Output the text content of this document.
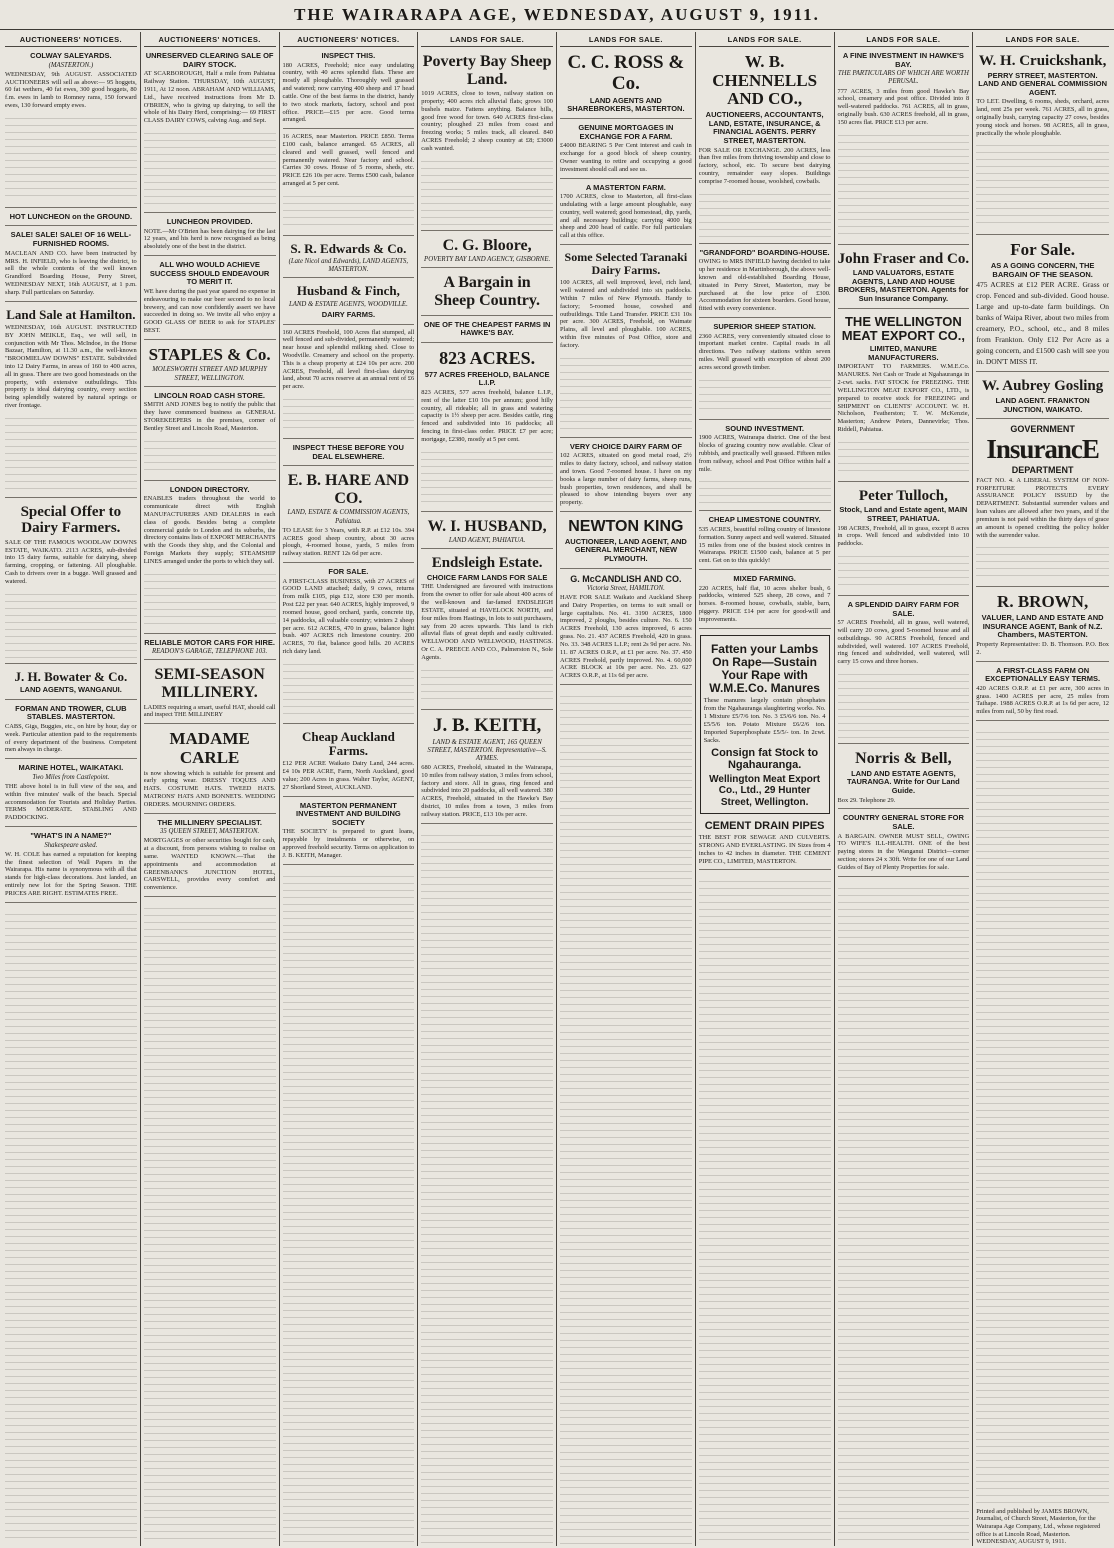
THE WAIRARAPA AGE, WEDNESDAY, AUGUST 9, 1911.
AUCTIONEERS' NOTICES.
COLWAY SALEYARDS.
(MASTERTON.)
WEDNESDAY, 9th AUGUST. ASSOCIATED AUCTIONEERS will sell as above:— 95 hoggets, 60 fat wethers, 40 fat ewes, 300 good hoggets, 80 f.m. ewes in lamb to Romney rams, 150 forward ewes, 130 forward empty ewes.
HOT LUNCHEON on the GROUND.
SALE! SALE! SALE! OF 16 WELL-FURNISHED ROOMS.
MACLEAN AND CO. have been instructed by MRS. H. INFIELD, who is leaving the district, to sell the whole contents of the well known Grandford Boarding House, Perry Street, WEDNESDAY NEXT, 16th AUGUST, at 1 p.m. sharp. Full particulars on Saturday.
Land Sale at Hamilton.
WEDNESDAY, 16th AUGUST. INSTRUCTED BY JOHN MEIKLE, Esq., we will sell, in conjunction with Mr Thos. McIndoe, in the Horse Bazaar, Hamilton, at 11.30 a.m., the well-known "BROOMIELAW DOWNS" ESTATE. Subdivided into 12 Dairy Farms, in areas of 160 to 400 acres, all in grass. There are two good homesteads on the property, with extensive outbuildings. This property is ideal dairying country, every section being splendidly watered by natural springs or river frontage.
Special Offer to Dairy Farmers.
SALE OF THE FAMOUS WOODLAW DOWNS ESTATE, WAIKATO. 2113 ACRES, sub-divided into 15 dairy farms, suitable for dairying, sheep farming, cropping, or fattening. All ploughable. Cash to drivers over in a bugge. Well grassed and watered.
J. H. Bowater & Co.
LAND AGENTS, WANGANUI.
FORMAN AND TROWER, CLUB STABLES. MASTERTON.
CABS, Gigs, Buggies, etc., on hire by hour, day or week. Particular attention paid to the requirements of every department of the business. Competent men always in charge.
MARINE HOTEL, WAIKATAKI.
Two Miles from Castlepoint.
THE above hotel is in full view of the sea, and within five minutes' walk of the beach. Special accommodation for Tourists and Holiday Parties. TERMS MODERATE. STABLING AND PADDOCKING.
"WHAT'S IN A NAME?"
Shakespeare asked.
W. H. COLE has earned a reputation for keeping the finest selection of Wall Papers in the Wairarapa. His name is synonymous with all that stands for high-class decorations. Just landed, an entirely new lot for the Spring Season. THE PRICES ARE RIGHT. ESTIMATES FREE.
AUCTIONEERS' NOTICES.
UNRESERVED CLEARING SALE OF DAIRY STOCK.
AT SCARBOROUGH, Half a mile from Pahiatua Railway Station. THURSDAY, 10th AUGUST, 1911, At 12 noon. ABRAHAM AND WILLIAMS, Ltd., have received instructions from Mr D. O'BRIEN, who is giving up dairying, to sell the whole of his Dairy Herd, comprising:— 69 FIRST CLASS DAIRY COWS, calving Aug. and Sept.
LUNCHEON PROVIDED.
NOTE.—Mr O'Brien has been dairying for the last 12 years, and his herd is now recognised as being absolutely one of the best in the district.
ALL WHO WOULD ACHIEVE SUCCESS SHOULD ENDEAVOUR TO MERIT IT.
WE have during the past year spared no expense in endeavouring to make our beer second to no local brewery, and can now confidently assert we have succeeded in doing so. We invite all who enjoy a GOOD GLASS OF BEER to ask for STAPLES' BEST.
STAPLES & Co.
MOLESWORTH STREET AND MURPHY STREET, WELLINGTON.
LINCOLN ROAD CASH STORE.
SMITH AND JONES beg to notify the public that they have commenced business as GENERAL STOREKEEPERS in the premises, corner of Bentley Street and Lincoln Road, Masterton.
LONDON DIRECTORY.
ENABLES traders throughout the world to communicate direct with English MANUFACTURERS AND DEALERS in each class of goods. Besides being a complete commercial guide to London and its suburbs, the directory contains lists of EXPORT MERCHANTS with the Goods they ship, and the Colonial and Foreign Markets they supply; STEAMSHIP LINES arranged under the ports to which they sail.
RELIABLE MOTOR CARS FOR HIRE.
READON'S GARAGE, TELEPHONE 103.
SEMI-SEASON MILLINERY.
LADIES requiring a smart, useful HAT, should call and inspect THE MILLINERY
MADAME CARLE
is now showing which is suitable for present and early spring wear. DRESSY TOQUES AND HATS. COSTUME HATS. TWEED HATS. MATRONS' HATS AND BONNETS. WEDDING ORDERS. MOURNING ORDERS.
THE MILLINERY SPECIALIST.
35 QUEEN STREET, MASTERTON.
MORTGAGES or other securities bought for cash, at a discount, from persons wishing to realise on same. WANTED KNOWN.—That the appointments and accommodation at GREENBANK'S JUNCTION HOTEL, CARSWELL, provides every comfort and convenience.
AUCTIONEERS' NOTICES.
INSPECT THIS.
180 ACRES, Freehold; nice easy undulating country, with 40 acres splendid flats. These are mostly all ploughable. Thoroughly well grassed and watered; now carrying 400 sheep and 17 head cattle. One of the best farms in the district, handy to two stock markets, factory, school and post office. PRICE—£15 per acre. Good terms arranged.
16 ACRES, near Masterton. PRICE £850. Terms £100 cash, balance arranged. 65 ACRES, all cleared and well grassed, well fenced and permanently watered. Near factory and school. Carries 30 cows. House of 5 rooms, sheds, etc. PRICE £26 10s per acre. Terms £500 cash, balance arranged at 5 per cent.
S. R. Edwards & Co.
(Late Nicol and Edwards), LAND AGENTS, MASTERTON.
Husband & Finch,
LAND & ESTATE AGENTS, WOODVILLE.
DAIRY FARMS.
160 ACRES Freehold, 100 Acres flat stumped, all well fenced and sub-divided, permanently watered; near house and splendid milking shed. Close to Woodville. Creamery and school on the property. This is a cheap property at £24 10s per acre. 200 ACRES, Freehold, all level first-class dairying land, about 70 acres reserve at an annual rent of £6 per acre.
INSPECT THESE BEFORE YOU DEAL ELSEWHERE.
E. B. HARE AND CO.
LAND, ESTATE & COMMISSION AGENTS, Pahiatua.
TO LEASE for 3 Years, with R.P. at £12 10s. 394 ACRES good sheep country, about 30 acres plough, 4-roomed house, yards, 5 miles from railway station. RENT 12s 6d per acre.
FOR SALE.
A FIRST-CLASS BUSINESS, with 27 ACRES of GOOD LAND attached; daily, 9 cows, returns from milk £105, pigs £12, store £30 per month. Post £22 per year. 640 ACRES, highly improved, 9 roomed house, good orchard, yards, concrete tip, 14 paddocks, all valuable country; winters 2 sheep per acre. 612 ACRES, 470 in grass, balance light bush. 407 ACRES rich limestone country. 200 ACRES, 70 flat, balance good hills. 20 ACRES rich dairy land.
Cheap Auckland Farms.
£12 PER ACRE Waikato Dairy Land, 244 acres. £4 10s PER ACRE, Farm, North Auckland, good value; 200 Acres in grass. Walter Taylor, AGENT, 27 Shortland Street, AUCKLAND.
MASTERTON PERMANENT INVESTMENT AND BUILDING SOCIETY
THE SOCIETY is prepared to grant loans, repayable by instalments or otherwise, on approved freehold security. Terms on application to J. B. KEITH, Manager.
LANDS FOR SALE.
Poverty Bay Sheep Land.
1019 ACRES, close to town, railway station on property; 400 acres rich alluvial flats; grows 100 bushels maize. Fattens anything. Balance hills, good free wood for town. 640 ACRES first-class country; ploughed 23 miles from coast and freezing works; 5 miles track, all cleared. 840 ACRES Freehold; 2 sheep country at £8; £3000 cash wanted.
C. G. Bloore,
POVERTY BAY LAND AGENCY, GISBORNE.
A Bargain in Sheep Country.
ONE OF THE CHEAPEST FARMS IN HAWKE'S BAY.
823 ACRES.
577 ACRES FREEHOLD, BALANCE L.I.P.
823 ACRES, 577 acres freehold, balance L.I.P., rent of the latter £10 10s per annum; good hilly country, all rideable; all in grass and watering capacity is 1½ sheep per acre. Besides cattle, ring fenced and subdivided into 16 paddocks; all fencing in first-class order. PRICE £7 per acre; mortgage, £2380, mostly at 5 per cent.
W. I. HUSBAND,
LAND AGENT, PAHIATUA.
Endsleigh Estate.
CHOICE FARM LANDS FOR SALE
THE Undersigned are favoured with instructions from the owner to offer for sale about 400 acres of the well-known and far-famed ENDSLEIGH ESTATE, situated at HAVELOCK NORTH, and four miles from Hastings, in lots to suit purchasers, say from 20 acres upwards. This land is rich alluvial flats of great depth and easily cultivated. WELLWOOD AND WELLWOOD, HASTINGS. Or C. A. PREECE AND CO., Palmerston N., Sole Agents.
J. B. KEITH,
LAND & ESTATE AGENT, 165 QUEEN STREET, MASTERTON. Representative—S. AYMES.
680 ACRES, Freehold, situated in the Wairarapa, 10 miles from railway station, 3 miles from school, factory and store. All in grass, ring fenced and subdivided into 20 paddocks, all well watered. 380 ACRES, Freehold, situated in the Hawke's Bay district, 10 miles from a town, 3 miles from railway station. PRICE, £13 10s per acre.
LANDS FOR SALE.
C. C. ROSS & Co.
LAND AGENTS AND SHAREBROKERS, MASTERTON.
GENUINE MORTGAGES IN EXCHANGE FOR A FARM.
£4000 BEARING 5 Per Cent interest and cash in exchange for a good block of sheep country. Owner wanting to retire and occupying a good investment should call and see us.
A MASTERTON FARM.
1700 ACRES, close to Masterton, all first-class undulating with a large amount ploughable, easy country, well watered; good homestead, dip, yards, and all necessary buildings; carrying 4000 big sheep and 200 head of cattle. For full particulars call at this office.
Some Selected Taranaki Dairy Farms.
100 ACRES, all well improved, level, rich land, well watered and subdivided into six paddocks. Within 7 miles of New Plymouth. Handy to factory; 5-roomed house, cowshed and outbuildings. Title Land Transfer. PRICE £31 10s per acre. 300 ACRES, Freehold, on Waimate Plains, all level and ploughable. 100 ACRES, within five minutes of Post Office, store and factory.
VERY CHOICE DAIRY FARM OF
102 ACRES, situated on good metal road, 2½ miles to dairy factory, school, and railway station and town. Good 7-roomed house. I have on my books a large number of dairy farms, sheep runs, bush properties, town residences, and shall be pleased to show intending buyers over any property.
NEWTON KING
AUCTIONEER, LAND AGENT, AND GENERAL MERCHANT, NEW PLYMOUTH.
G. McCANDLISH AND CO.
Victoria Street, HAMILTON.
HAVE FOR SALE Waikato and Auckland Sheep and Dairy Properties, on terms to suit small or large capitalists. No. 41. 3190 ACRES, 1800 improved, 2 ploughs, besides culture. No. 6. 150 ACRES Freehold, 130 acres improved, 6 acres grass. No. 21. 437 ACRES Freehold, 420 in grass. No. 33. 348 ACRES L.I.P.; rent 2s 9d per acre. No. 11. 87 ACRES O.R.P., at £1 per acre. No. 37. 450 ACRES Freehold, partly improved. No. 4. 60,000 ACRE BLOCK at 10s per acre. No. 23. 627 ACRES O.R.P., at 11s 6d per acre.
LANDS FOR SALE.
W. B. CHENNELLS AND CO.,
AUCTIONEERS, ACCOUNTANTS, LAND, ESTATE, INSURANCE, & FINANCIAL AGENTS. PERRY STREET, MASTERTON.
FOR SALE OR EXCHANGE. 200 ACRES, less than five miles from thriving township and close to factory, school, etc. To secure best dairying country, remainder easy slopes. Buildings comprise 7-roomed house, woolshed, cowbails.
"GRANDFORD" BOARDING-HOUSE.
OWING to MRS INFIELD having decided to take up her residence in Martinborough, the above well-known and old-established Boarding House, situated in Perry Street, Masterton, may be purchased at the low price of £300. Accommodation for sixteen boarders. Good house, fitted with every convenience.
SUPERIOR SHEEP STATION.
2360 ACRES, very conveniently situated close to important market centre. Capital roads in all directions. Two railway stations within seven miles. Well grassed with exception of about 200 acres second growth timber.
SOUND INVESTMENT.
1900 ACRES, Wairarapa district. One of the best blocks of grazing country now available. Clear of rubbish, and practically well grassed. Fifteen miles from railway, school and Post Office within half a mile.
CHEAP LIMESTONE COUNTRY.
535 ACRES, beautiful rolling country of limestone formation. Sunny aspect and well watered. Situated 15 miles from one of the busiest stock centres in Wairarapa. PRICE £1500 cash, balance at 5 per cent. Get on to this quickly!
MIXED FARMING.
220 ACRES, half flat, 10 acres shelter bush, 6 paddocks, wintered 525 sheep, 28 cows, and 7 horses. 8-roomed house, cowbails, stable, barn, piggery. PRICE £14 per acre for good-will and improvements.
Fatten your Lambs On Rape—Sustain Your Rape with W.M.E.Co. Manures
These manures largely contain phosphates from the Ngahauranga slaughtering works. No. 1 Mixture £5/7/6 ton. No. 3 £5/6/6 ton. No. 4 £5/5/6 ton. Potato Mixture £6/2/6 ton. Imported Superphosphate £5/5/- ton. In 2cwt. Sacks.
Consign fat Stock to Ngahauranga.
Wellington Meat Export Co., Ltd., 29 Hunter Street, Wellington.
CEMENT DRAIN PIPES
THE BEST FOR SEWAGE AND CULVERTS. STRONG AND EVERLASTING. IN Sizes from 4 inches to 42 inches in diameter. THE CEMENT PIPE CO., LIMITED, MASTERTON.
LANDS FOR SALE.
A FINE INVESTMENT IN HAWKE'S BAY.
THE PARTICULARS OF WHICH ARE WORTH PERUSAL.
777 ACRES, 3 miles from good Hawke's Bay school, creamery and post office. Divided into 8 well-watered paddocks. 761 ACRES, all in grass, originally bush. 630 ACRES freehold, all in grass, 150 acres flat. PRICE £13 per acre.
John Fraser and Co.
LAND VALUATORS, ESTATE AGENTS, LAND AND HOUSE BROKERS, MASTERTON. Agents for Sun Insurance Company.
THE WELLINGTON MEAT EXPORT CO.,
LIMITED, MANURE MANUFACTURERS.
IMPORTANT TO FARMERS. W.M.E.Co. MANURES. Net Cash or Trade at Ngahauranga in 2-cwt. sacks. FAT STOCK for FREEZING. THE WELLINGTON MEAT EXPORT CO., LTD., is prepared to receive stock for FREEZING and SHIPMENT on CLIENTS' ACCOUNT. W. H. Nicholson, Featherston; T. W. McKenzie, Masterton; Andrew Peters, Dannevirke; Thos. Riddell, Pahiatua.
Peter Tulloch,
Stock, Land and Estate agent, MAIN STREET, PAHIATUA.
198 ACRES, Freehold, all in grass, except 8 acres in crops. Well fenced and subdivided into 10 paddocks.
A SPLENDID DAIRY FARM FOR SALE.
57 ACRES Freehold, all in grass, well watered, will carry 20 cows, good 5-roomed house and all outbuildings. 90 ACRES Freehold, fenced and subdivided, well watered. 107 ACRES Freehold, ring fenced and subdivided, well watered, will carry 15 cows and three horses.
Norris & Bell,
LAND AND ESTATE AGENTS, TAURANGA. Write for Our Land Guide.
Box 29. Telephone 29.
COUNTRY GENERAL STORE FOR SALE.
A BARGAIN. OWNER MUST SELL, OWING TO WIFE'S ILL-HEALTH. ONE of the best paying stores in the Wanganui District—corner section; stores 24 x 30ft. Write for one of our Land Guides of Bay of Plenty Properties for sale.
LANDS FOR SALE.
W. H. Cruickshank,
PERRY STREET, MASTERTON. LAND AND GENERAL COMMISSION AGENT.
TO LET. Dwelling, 6 rooms, sheds, orchard, acres land, rent 25s per week. 761 ACRES, all in grass, originally bush, carrying capacity 27 cows, besides young stock and horses. 98 ACRES, all in grass, practically the whole ploughable.
For Sale.
AS A GOING CONCERN, THE BARGAIN OF THE SEASON.
475 ACRES at £12 PER ACRE. Grass or crop. Fenced and sub-divided. Good house. Large and up-to-date farm buildings. On banks of Waipa River, about two miles from creamery, P.O., school, etc., and 8 miles from Frankton. Only £12 Per Acre as a going concern, and £1500 cash will see you in. DON'T MISS IT.
W. Aubrey Gosling
LAND AGENT. FRANKTON JUNCTION, WAIKATO.
GOVERNMENT
InsurancE
DEPARTMENT
FACT NO. 4. A LIBERAL SYSTEM OF NON-FORFEITURE PROTECTS EVERY ASSURANCE POLICY ISSUED by the DEPARTMENT. Substantial surrender values and loan values are allowed after two years, and if the premium is not paid within the thirty days of grace an amount is opened crediting the policy holder with the surrender value.
R. BROWN,
VALUER, LAND AND ESTATE AND INSURANCE AGENT, Bank of N.Z. Chambers, MASTERTON.
Property Representative: D. B. Thomson. P.O. Box 2.
A FIRST-CLASS FARM ON EXCEPTIONALLY EASY TERMS.
420 ACRES O.R.P. at £1 per acre, 300 acres in grass. 1400 ACRES per acre, 25 miles from Taihape. 1988 ACRES O.R.P. at 1s 6d per acre, 12 miles from rail, 50 by first road.
Printed and published by JAMES BROWN, Journalist, of Church Street, Masterton, for the Wairarapa Age Company, Ltd., whose registered office is at Lincoln Road, Masterton. WEDNESDAY, AUGUST 9, 1911.
